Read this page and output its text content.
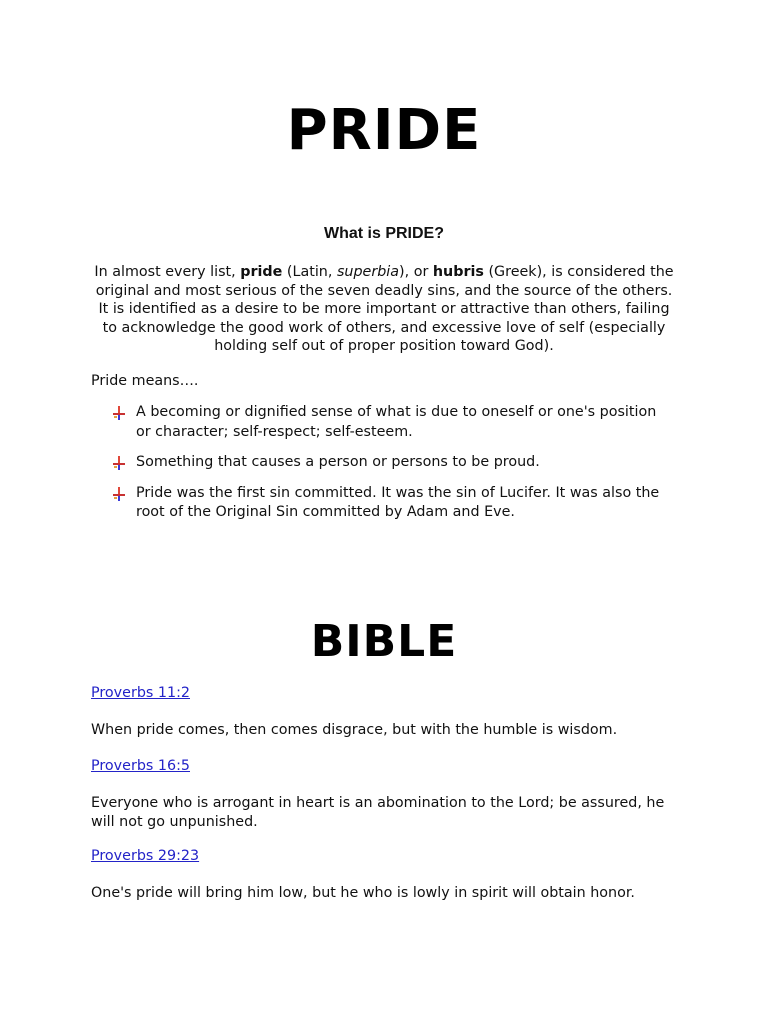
PRIDE
What is PRIDE?

In almost every list, pride (Latin, superbia), or hubris (Greek), is considered the original and most serious of the seven deadly sins, and the source of the others. It is identified as a desire to be more important or attractive than others, failing to acknowledge the good work of others, and excessive love of self (especially holding self out of proper position toward God).

Pride means….

A becoming or dignified sense of what is due to oneself or one's position or character; self-respect; self-esteem.
Something that causes a person or persons to be proud.
Pride was the first sin committed. It was the sin of Lucifer. It was also the root of the Original Sin committed by Adam and Eve.
BIBLE
Proverbs 11:2

When pride comes, then comes disgrace, but with the humble is wisdom.

Proverbs 16:5

Everyone who is arrogant in heart is an abomination to the Lord; be assured, he will not go unpunished.

Proverbs 29:23

One's pride will bring him low, but he who is lowly in spirit will obtain honor.
